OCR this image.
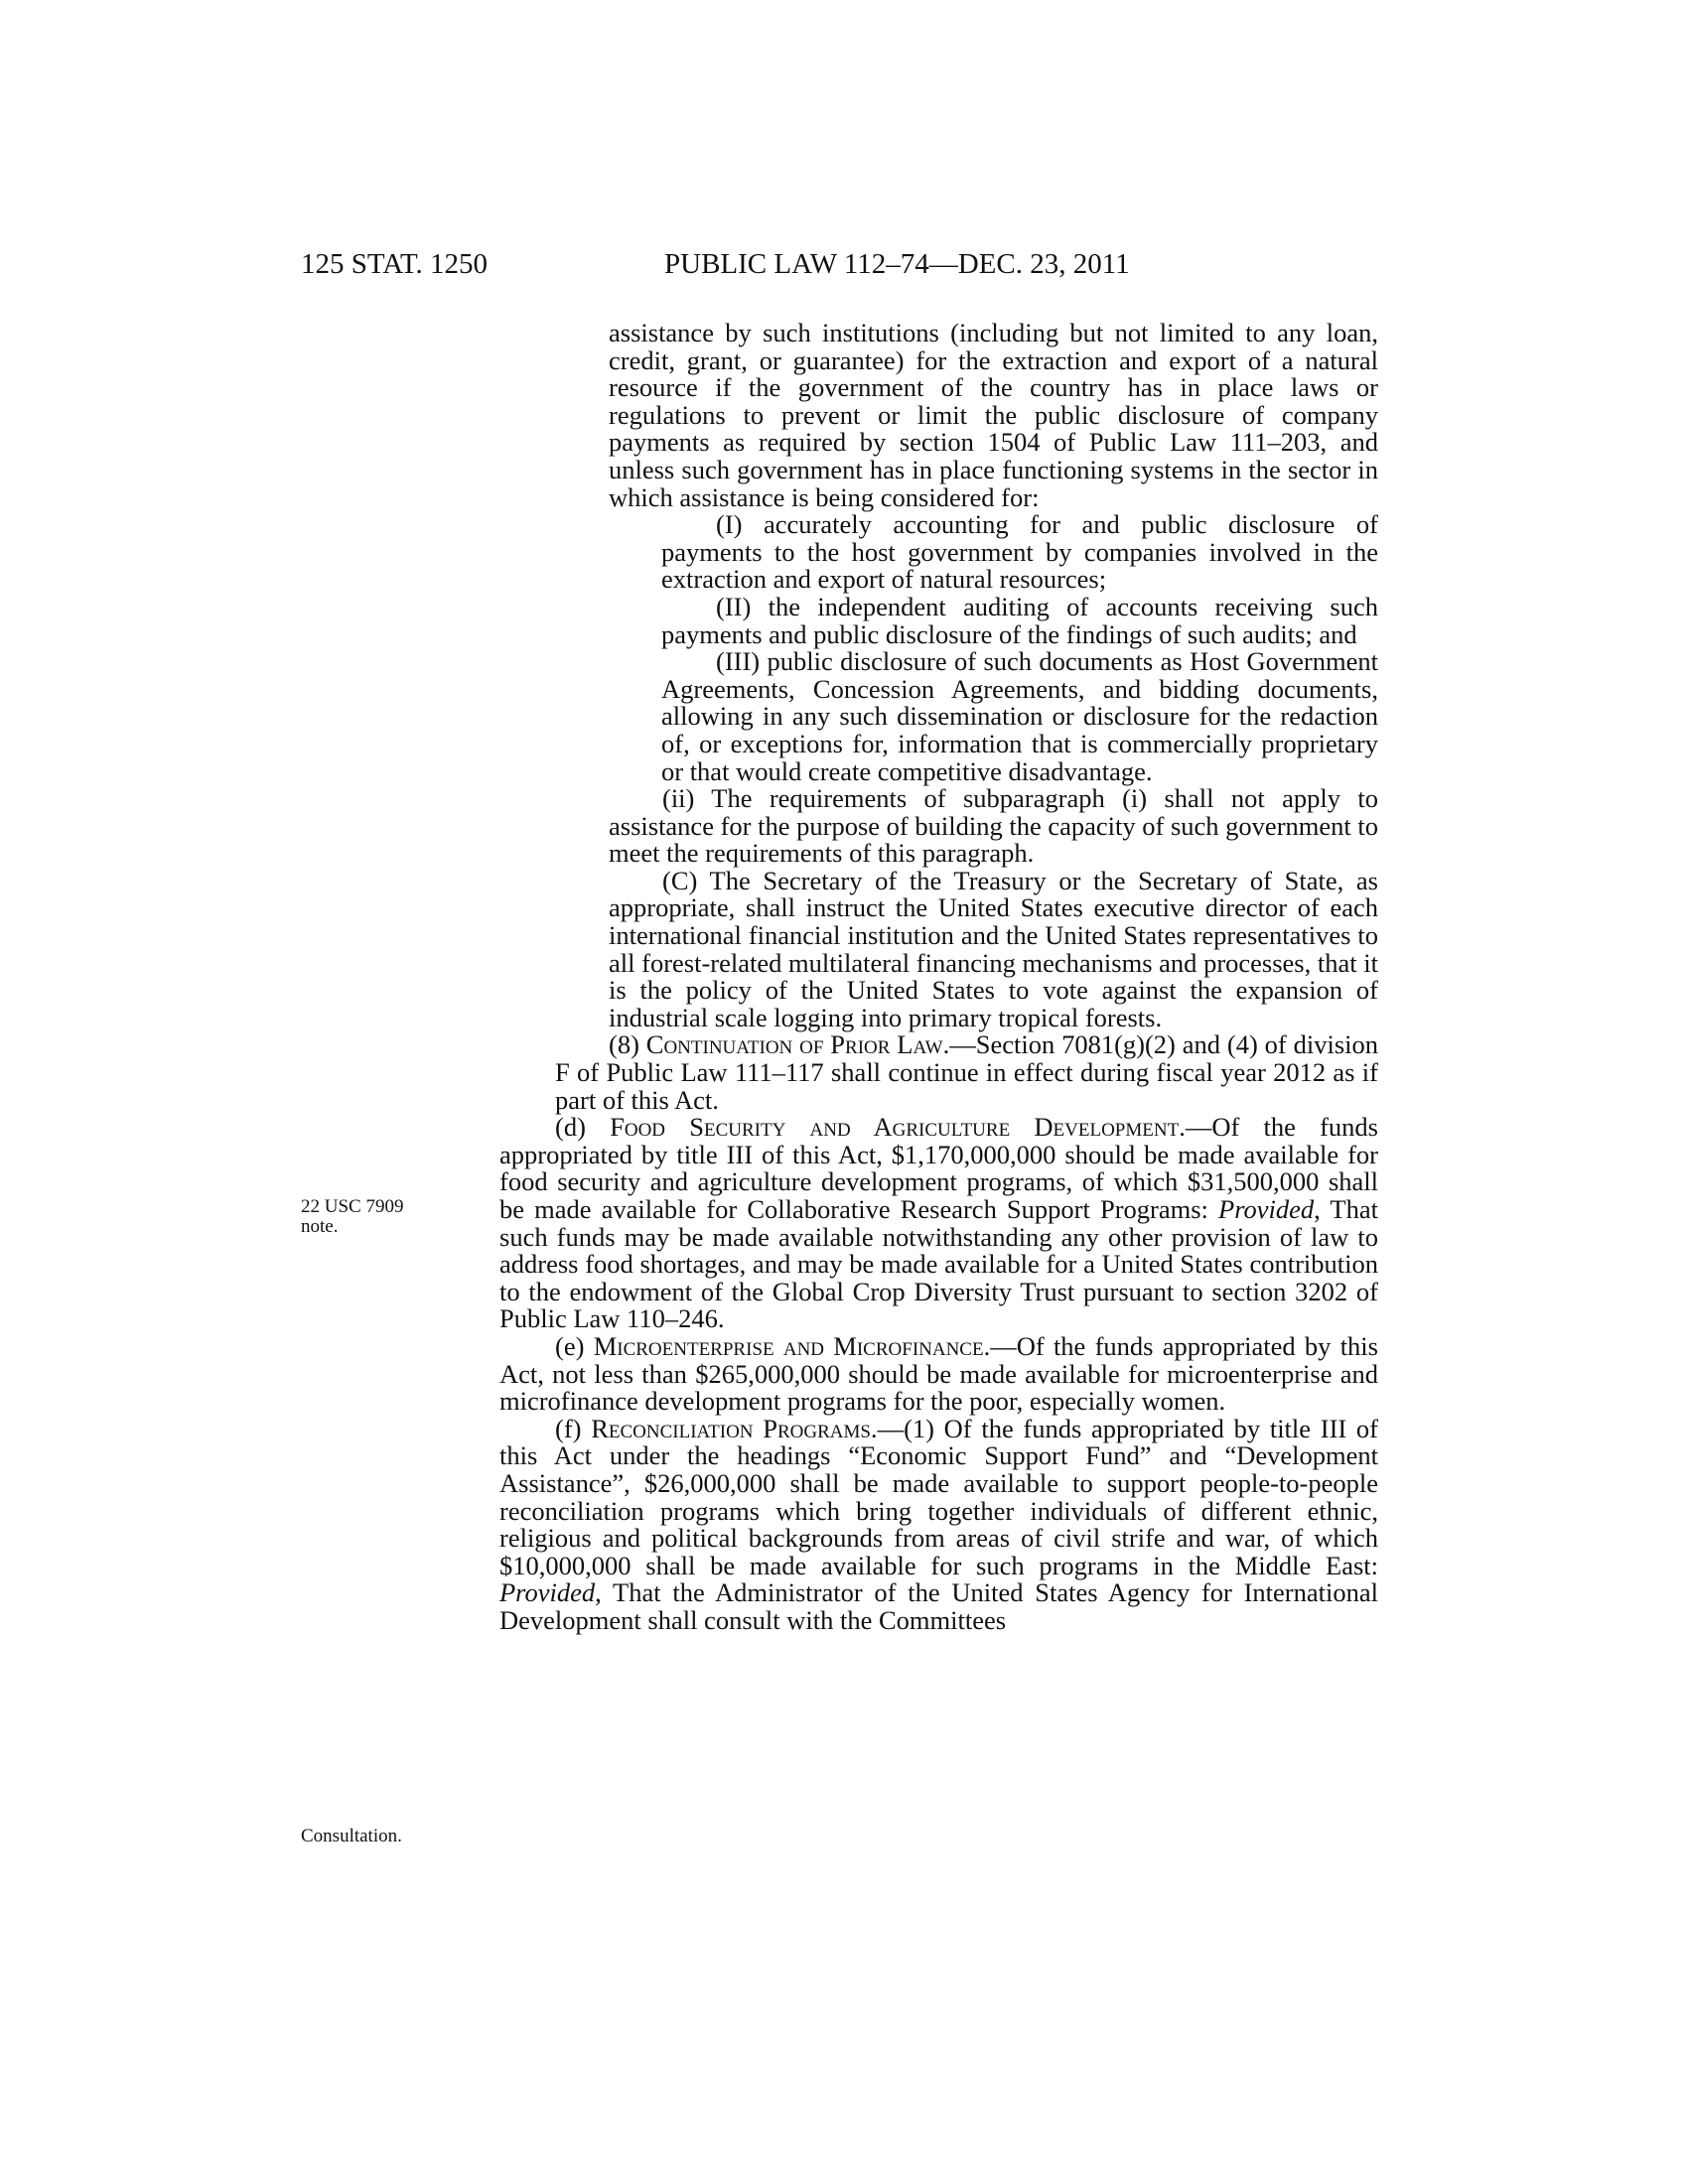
125 STAT. 1250	PUBLIC LAW 112–74—DEC. 23, 2011
22 USC 7909
note.
Consultation.

assistance by such institutions (including but not limited to any loan, credit, grant, or guarantee) for the extraction and export of a natural resource if the government of the country has in place laws or regulations to prevent or limit the public disclosure of company payments as required by section 1504 of Public Law 111–203, and unless such government has in place functioning systems in the sector in which assistance is being considered for:

(I) accurately accounting for and public disclosure of payments to the host government by companies involved in the extraction and export of natural resources;

(II) the independent auditing of accounts receiving such payments and public disclosure of the findings of such audits; and

(III) public disclosure of such documents as Host Government Agreements, Concession Agreements, and bidding documents, allowing in any such dissemination or disclosure for the redaction of, or exceptions for, information that is commercially proprietary or that would create competitive disadvantage.

(ii) The requirements of subparagraph (i) shall not apply to assistance for the purpose of building the capacity of such government to meet the requirements of this paragraph.

(C) The Secretary of the Treasury or the Secretary of State, as appropriate, shall instruct the United States executive director of each international financial institution and the United States representatives to all forest-related multilateral financing mechanisms and processes, that it is the policy of the United States to vote against the expansion of industrial scale logging into primary tropical forests.

(8) Continuation of Prior Law.—Section 7081(g)(2) and (4) of division F of Public Law 111–117 shall continue in effect during fiscal year 2012 as if part of this Act.

(d) Food Security and Agriculture Development.—Of the funds appropriated by title III of this Act, $1,170,000,000 should be made available for food security and agriculture development programs, of which $31,500,000 shall be made available for Collaborative Research Support Programs: Provided, That such funds may be made available notwithstanding any other provision of law to address food shortages, and may be made available for a United States contribution to the endowment of the Global Crop Diversity Trust pursuant to section 3202 of Public Law 110–246.

(e) Microenterprise and Microfinance.—Of the funds appropriated by this Act, not less than $265,000,000 should be made available for microenterprise and microfinance development programs for the poor, especially women.

(f) Reconciliation Programs.—(1) Of the funds appropriated by title III of this Act under the headings “Economic Support Fund” and “Development Assistance”, $26,000,000 shall be made available to support people-to-people reconciliation programs which bring together individuals of different ethnic, religious and political backgrounds from areas of civil strife and war, of which $10,000,000 shall be made available for such programs in the Middle East: Provided, That the Administrator of the United States Agency for International Development shall consult with the Committees
